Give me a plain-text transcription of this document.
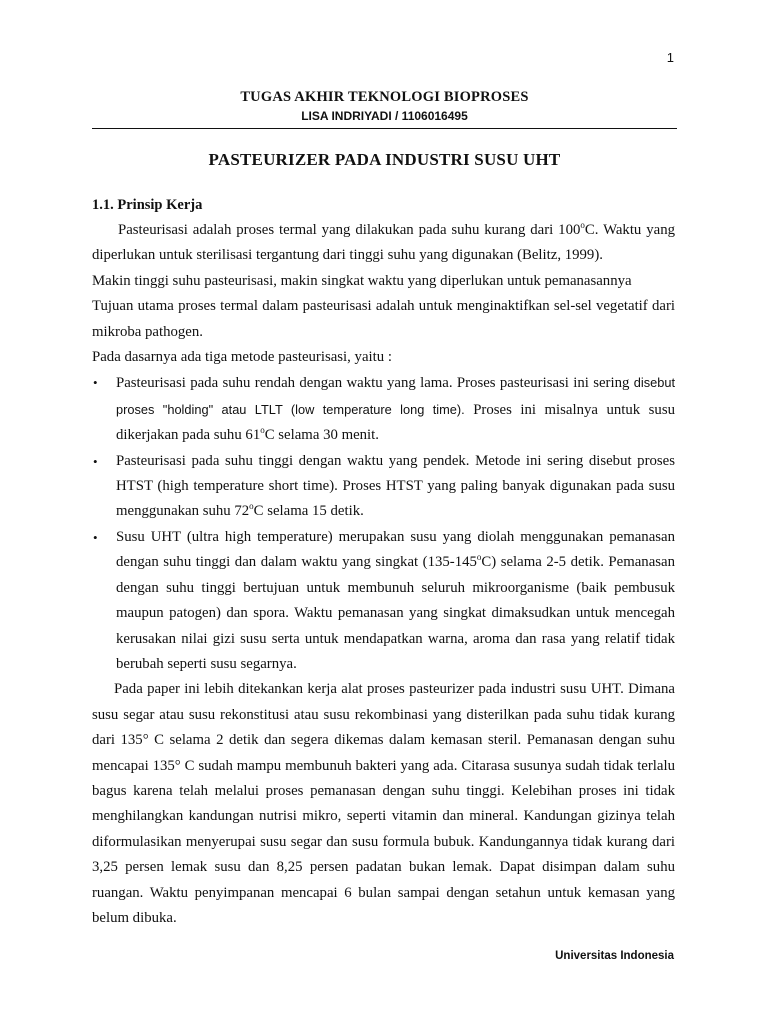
1
TUGAS AKHIR TEKNOLOGI BIOPROSES
LISA INDRIYADI / 1106016495
PASTEURIZER PADA INDUSTRI SUSU UHT
1.1. Prinsip Kerja

Pasteurisasi adalah proses termal yang dilakukan pada suhu kurang dari 100$^o$C. Waktu yang diperlukan untuk sterilisasi tergantung dari tinggi suhu yang digunakan (Belitz, 1999).

Makin tinggi suhu pasteurisasi, makin singkat waktu yang diperlukan untuk pemanasannya

Tujuan utama proses termal dalam pasteurisasi adalah untuk menginaktifkan sel-sel vegetatif dari mikroba pathogen.

Pada dasarnya ada tiga metode pasteurisasi, yaitu :

• Pasteurisasi pada suhu rendah dengan waktu yang lama. Proses pasteurisasi ini sering disebut proses "holding" atau LTLT (low temperature long time). Proses ini misalnya untuk susu dikerjakan pada suhu 61$^o$C selama 30 menit.

• Pasteurisasi pada suhu tinggi dengan waktu yang pendek. Metode ini sering disebut proses HTST (high temperature short time). Proses HTST yang paling banyak digunakan pada susu menggunakan suhu 72$^o$C selama 15 detik.

• Susu UHT (ultra high temperature) merupakan susu yang diolah menggunakan pemanasan dengan suhu tinggi dan dalam waktu yang singkat (135-145$^o$C) selama 2-5 detik. Pemanasan dengan suhu tinggi bertujuan untuk membunuh seluruh mikroorganisme (baik pembusuk maupun patogen) dan spora. Waktu pemanasan yang singkat dimaksudkan untuk mencegah kerusakan nilai gizi susu serta untuk mendapatkan warna, aroma dan rasa yang relatif tidak berubah seperti susu segarnya.

Pada paper ini lebih ditekankan kerja alat proses pasteurizer pada industri susu UHT. Dimana susu segar atau susu rekonstitusi atau susu rekombinasi yang disterilkan pada suhu tidak kurang dari 135° C selama 2 detik dan segera dikemas dalam kemasan steril. Pemanasan dengan suhu mencapai 135° C sudah mampu membunuh bakteri yang ada. Citarasa susunya sudah tidak terlalu bagus karena telah melalui proses pemanasan dengan suhu tinggi. Kelebihan proses ini tidak menghilangkan kandungan nutrisi mikro, seperti vitamin dan mineral. Kandungan gizinya telah diformulasikan menyerupai susu segar dan susu formula bubuk. Kandungannya tidak kurang dari 3,25 persen lemak susu dan 8,25 persen padatan bukan lemak. Dapat disimpan dalam suhu ruangan. Waktu penyimpanan mencapai 6 bulan sampai dengan setahun untuk kemasan yang belum dibuka.

Universitas Indonesia
